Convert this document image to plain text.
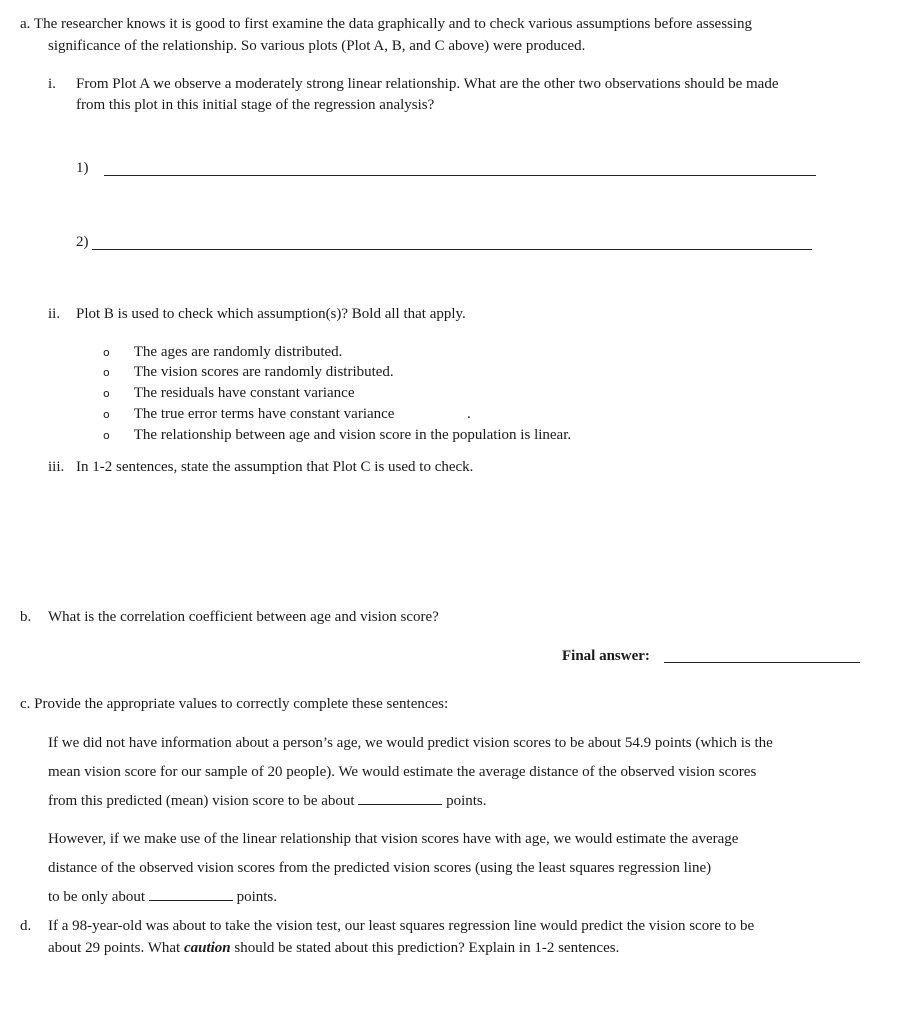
a. The researcher knows it is good to first examine the data graphically and to check various assumptions before assessing
significance of the relationship. So various plots (Plot A, B, and C above) were produced.
i. From Plot A we observe a moderately strong linear relationship. What are the other two observations should be made
from this plot in this initial stage of the regression analysis?
1)
2)
ii. Plot B is used to check which assumption(s)? Bold all that apply.
o The ages are randomly distributed.
o The vision scores are randomly distributed.
o The residuals have constant variance
o The true error terms have constant variance	.
o The relationship between age and vision score in the population is linear.
iii. In 1-2 sentences, state the assumption that Plot C is used to check.
b. What is the correlation coefficient between age and vision score?
Final answer:
c. Provide the appropriate values to correctly complete these sentences:
If we did not have information about a person’s age, we would predict vision scores to be about 54.9 points (which is the
mean vision score for our sample of 20 people). We would estimate the average distance of the observed vision scores
from this predicted (mean) vision score to be about	points.
However, if we make use of the linear relationship that vision scores have with age, we would estimate the average
distance of the observed vision scores from the predicted vision scores (using the least squares regression line)
to be only about	points.
d. If a 98-year-old was about to take the vision test, our least squares regression line would predict the vision score to be
about 29 points. What caution should be stated about this prediction? Explain in 1-2 sentences.
